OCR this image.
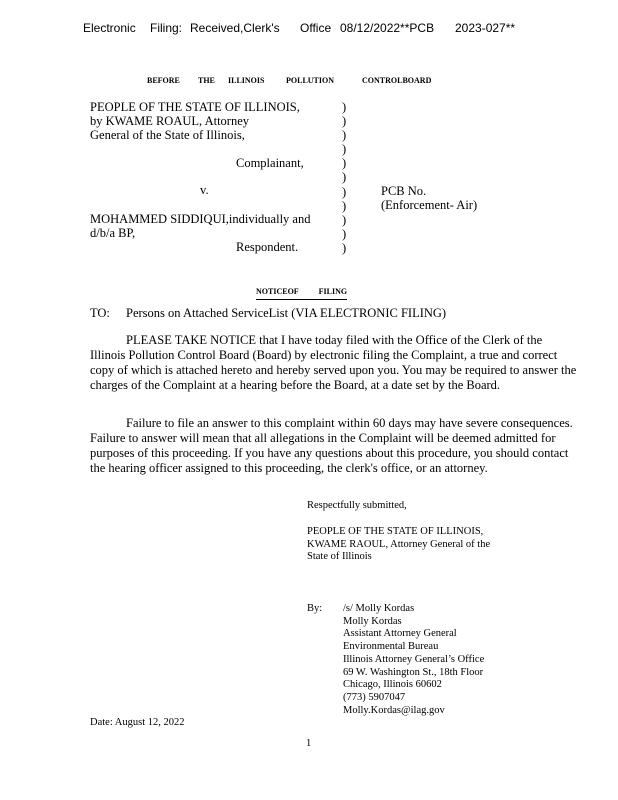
Electronic Filing: Received,Clerk's Office 08/12/2022**PCB 2023-027**
BEFORE THE ILLINOIS	POLLUTION	CONTROLBOARD
PEOPLE OF THE STATE OF ILLINOIS,
by KWAME ROAUL, Attorney
General of the State of Illinois,
Complainant,
v.
MOHAMMED SIDDIQUI,individually and
d/b/a BP,
Respondent.
)
)
)
)
)
)
)
)
)
)
)
PCB No.
(Enforcement- Air)
NOTICEOF	FILING
TO: Persons on Attached ServiceList (VIA ELECTRONIC FILING)
PLEASE TAKE NOTICE that I have today filed with the Office of the Clerk of the Illinois Pollution Control Board (Board) by electronic filing the Complaint, a true and correct copy of which is attached hereto and hereby served upon you. You may be required to answer the charges of the Complaint at a hearing before the Board, at a date set by the Board.
Failure to file an answer to this complaint within 60 days may have severe consequences. Failure to answer will mean that all allegations in the Complaint will be deemed admitted for purposes of this proceeding. If you have any questions about this procedure, you should contact the hearing officer assigned to this proceeding, the clerk's office, or an attorney.
Respectfully submitted,
PEOPLE OF THE STATE OF ILLINOIS,
KWAME RAOUL, Attorney General of the
State of Illinois
By: /s/ Molly Kordas
Molly Kordas
Assistant Attorney General
Environmental Bureau
Illinois Attorney General’s Office
69 W. Washington St., 18th Floor
Chicago, Illinois 60602
(773) 5907047
Molly.Kordas@ilag.gov
Date: August 12, 2022
1
